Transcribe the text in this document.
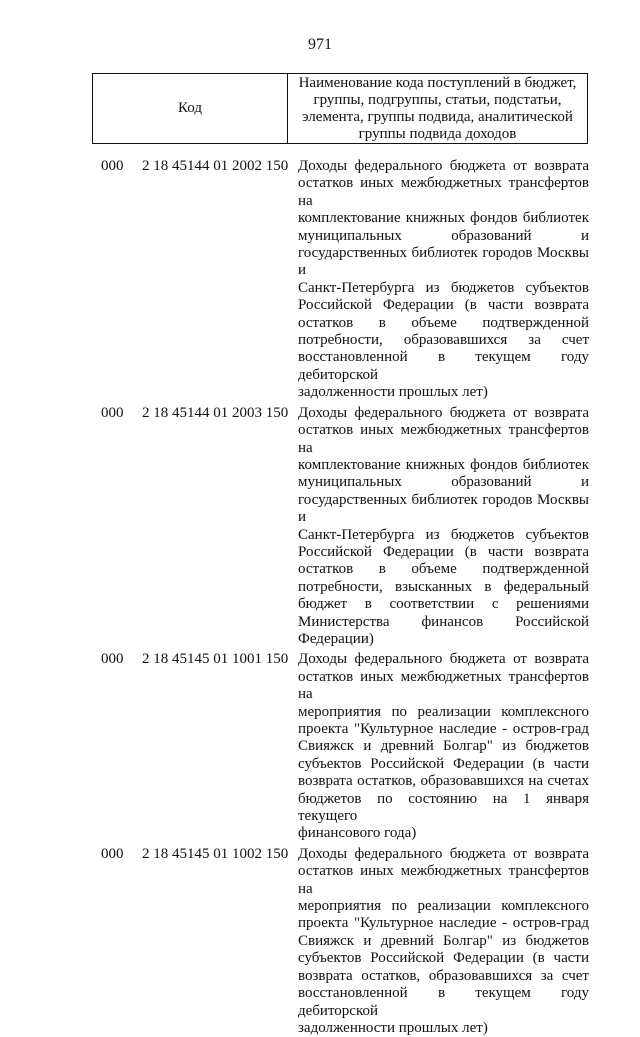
971
Код
Наименование кода поступлений в бюджет, группы, подгруппы, статьи, подстатьи, элемента, группы подвида, аналитической группы подвида доходов
000 2 18 45144 01 2002 150 Доходы федерального бюджета от возврата
остатков иных межбюджетных трансфертов на
комплектование книжных фондов библиотек
муниципальных образований и
государственных библиотек городов Москвы и
Санкт-Петербурга из бюджетов субъектов
Российской Федерации (в части возврата
остатков в объеме подтвержденной
потребности, образовавшихся за счет
восстановленной в текущем году дебиторской
задолженности прошлых лет)
000 2 18 45144 01 2003 150 Доходы федерального бюджета от возврата
остатков иных межбюджетных трансфертов на
комплектование книжных фондов библиотек
муниципальных образований и
государственных библиотек городов Москвы и
Санкт-Петербурга из бюджетов субъектов
Российской Федерации (в части возврата
остатков в объеме подтвержденной
потребности, взысканных в федеральный
бюджет в соответствии с решениями
Министерства финансов Российской
Федерации)
000 2 18 45145 01 1001 150 Доходы федерального бюджета от возврата
остатков иных межбюджетных трансфертов на
мероприятия по реализации комплексного
проекта "Культурное наследие - остров-град
Свияжск и древний Болгар" из бюджетов
субъектов Российской Федерации (в части
возврата остатков, образовавшихся на счетах
бюджетов по состоянию на 1 января текущего
финансового года)
000 2 18 45145 01 1002 150 Доходы федерального бюджета от возврата
остатков иных межбюджетных трансфертов на
мероприятия по реализации комплексного
проекта "Культурное наследие - остров-град
Свияжск и древний Болгар" из бюджетов
субъектов Российской Федерации (в части
возврата остатков, образовавшихся за счет
восстановленной в текущем году дебиторской
задолженности прошлых лет)
